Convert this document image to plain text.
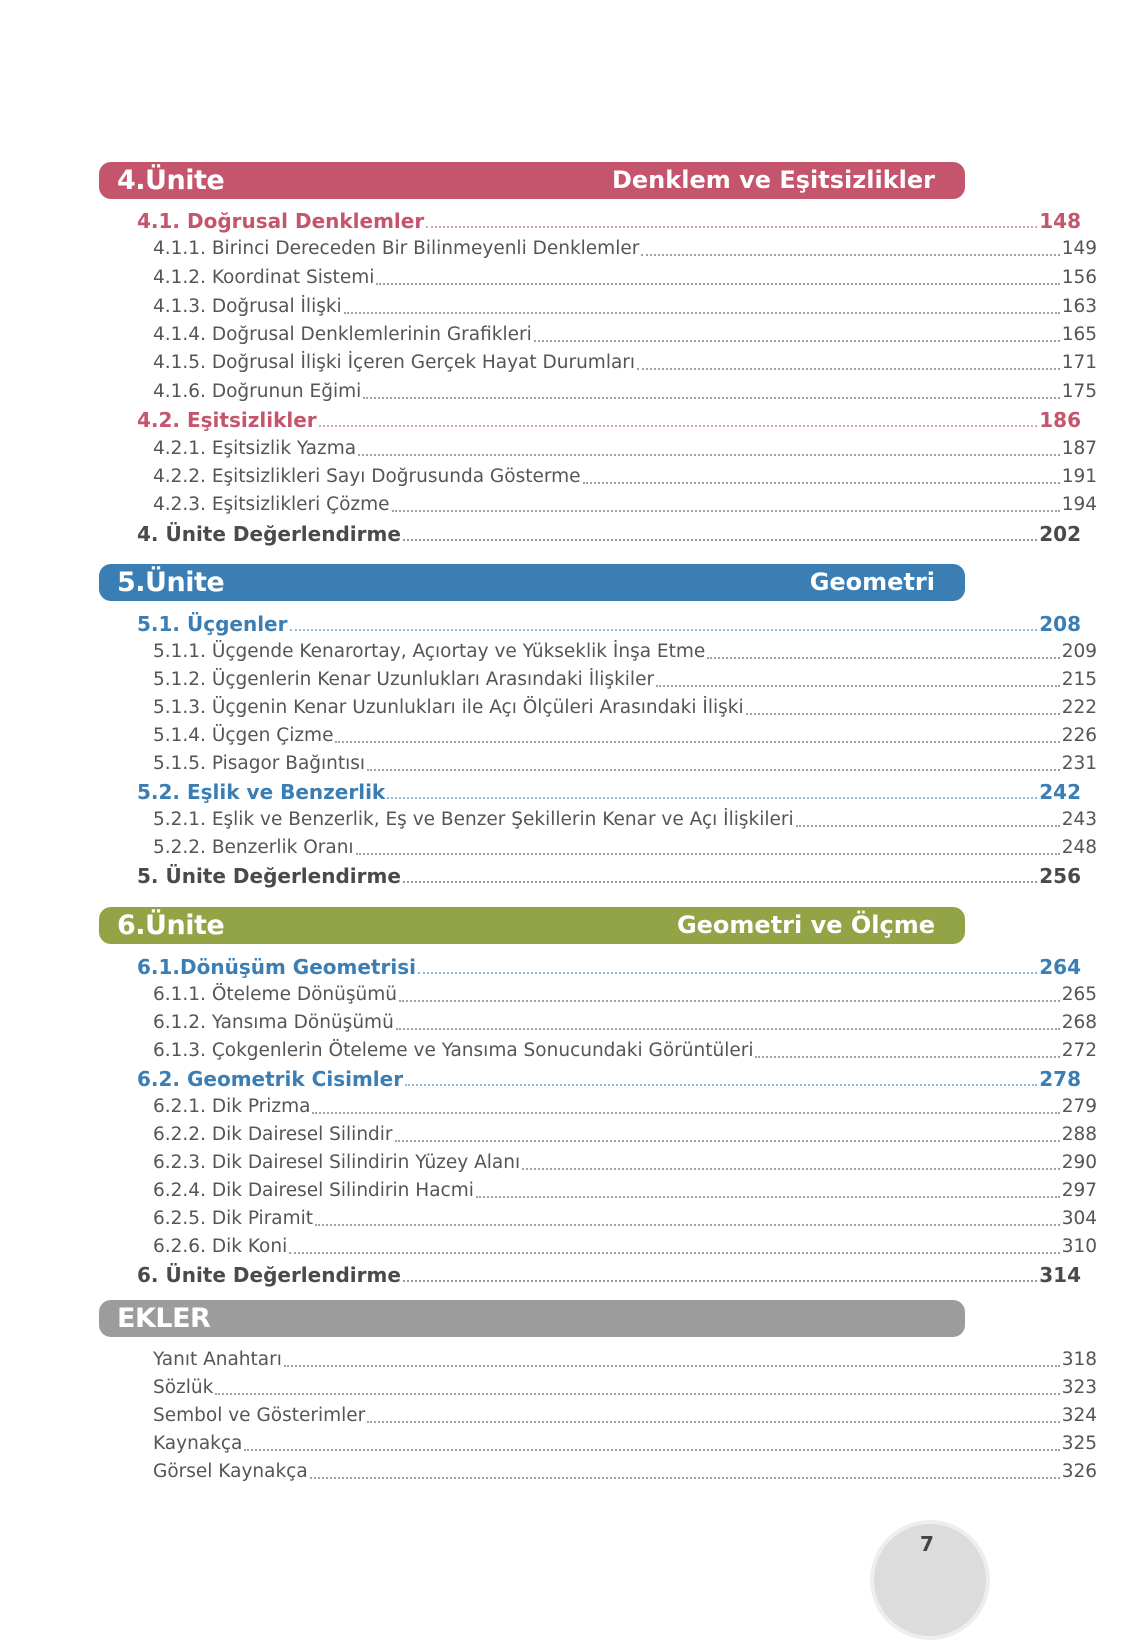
4.Ünite	Denklem ve Eşitsizlikler
4.1. Doğrusal Denklemler	148
4.1.1. Birinci Dereceden Bir Bilinmeyenli Denklemler	149
4.1.2. Koordinat Sistemi	156
4.1.3. Doğrusal İlişki	163
4.1.4. Doğrusal Denklemlerinin Grafikleri	165
4.1.5. Doğrusal İlişki İçeren Gerçek Hayat Durumları	171
4.1.6. Doğrunun Eğimi	175
4.2. Eşitsizlikler	186
4.2.1. Eşitsizlik Yazma	187
4.2.2. Eşitsizlikleri Sayı Doğrusunda Gösterme	191
4.2.3. Eşitsizlikleri Çözme	194
4. Ünite Değerlendirme	202
5.Ünite	Geometri
5.1. Üçgenler	208
5.1.1. Üçgende Kenarortay, Açıortay ve Yükseklik İnşa Etme	209
5.1.2. Üçgenlerin Kenar Uzunlukları Arasındaki İlişkiler	215
5.1.3. Üçgenin Kenar Uzunlukları ile Açı Ölçüleri Arasındaki İlişki	222
5.1.4. Üçgen Çizme	226
5.1.5. Pisagor Bağıntısı	231
5.2. Eşlik ve Benzerlik	242
5.2.1. Eşlik ve Benzerlik, Eş ve Benzer Şekillerin Kenar ve Açı İlişkileri	243
5.2.2. Benzerlik Oranı	248
5. Ünite Değerlendirme	256
6.Ünite	Geometri ve Ölçme
6.1.Dönüşüm Geometrisi	264
6.1.1. Öteleme Dönüşümü	265
6.1.2. Yansıma Dönüşümü	268
6.1.3. Çokgenlerin Öteleme ve Yansıma Sonucundaki Görüntüleri	272
6.2. Geometrik Cisimler	278
6.2.1. Dik Prizma	279
6.2.2. Dik Dairesel Silindir	288
6.2.3. Dik Dairesel Silindirin Yüzey Alanı	290
6.2.4. Dik Dairesel Silindirin Hacmi	297
6.2.5. Dik Piramit	304
6.2.6. Dik Koni	310
6. Ünite Değerlendirme	314
EKLER
Yanıt Anahtarı	318
Sözlük	323
Sembol ve Gösterimler	324
Kaynakça	325
Görsel Kaynakça	326
7
